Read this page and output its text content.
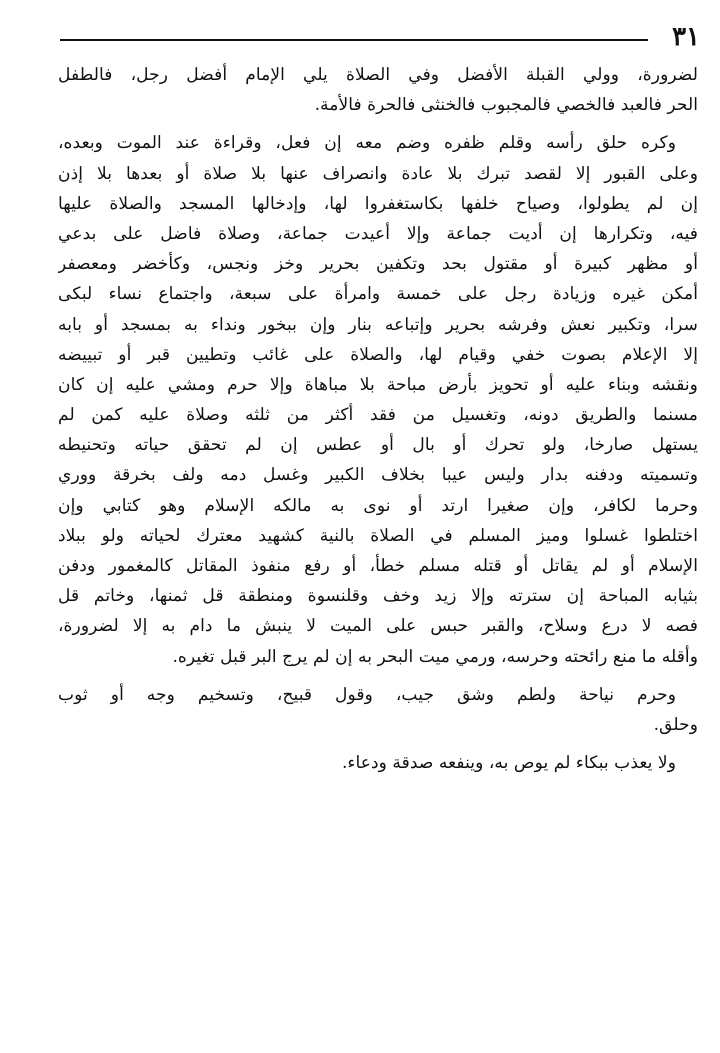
٣١
لضرورة، وولي القبلة الأفضل وفي الصلاة يلي الإمام أفضل رجل، فالطفل
الحر فالعبد فالخصي فالمجبوب فالخنثى فالحرة فالأمة.
وكره حلق رأسه وقلم ظفره وضم معه إن فعل، وقراءة عند الموت وبعده،
وعلى القبور إلا لقصد تبرك بلا عادة وانصراف عنها بلا صلاة أو بعدها بلا إذن
إن لم يطولوا، وصياح خلفها بكاستغفروا لها، وإدخالها المسجد والصلاة عليها
فيه، وتكرارها إن أديت جماعة وإلا أعيدت جماعة، وصلاة فاضل على بدعي
أو مظهر كبيرة أو مقتول بحد وتكفين بحرير وخز ونجس، وكأخضر ومعصفر
أمكن غيره وزيادة رجل على خمسة وامرأة على سبعة، واجتماع نساء لبكى
سرا، وتكبير نعش وفرشه بحرير وإتباعه بنار وإن ببخور ونداء به بمسجد أو بابه
إلا الإعلام بصوت خفي وقيام لها، والصلاة على غائب وتطيين قبر أو تبييضه
ونقشه وبناء عليه أو تحويز بأرض مباحة بلا مباهاة وإلا حرم ومشي عليه إن كان
مسنما والطريق دونه، وتغسيل من فقد أكثر من ثلثه وصلاة عليه كمن لم
يستهل صارخا، ولو تحرك أو بال أو عطس إن لم تحقق حياته وتحنيطه
وتسميته ودفنه بدار وليس عيبا بخلاف الكبير وغسل دمه ولف بخرقة ووري
وحرما لكافر، وإن صغيرا ارتد أو نوى به مالكه الإسلام وهو كتابي وإن
اختلطوا غسلوا وميز المسلم في الصلاة بالنية كشهيد معترك لحياته ولو ببلاد
الإسلام أو لم يقاتل أو قتله مسلم خطأ، أو رفع منفوذ المقاتل كالمغمور ودفن
بثيابه المباحة إن سترته وإلا زيد وخف وقلنسوة ومنطقة قل ثمنها، وخاتم قل
فصه لا درع وسلاح، والقبر حبس على الميت لا ينبش ما دام به إلا لضرورة،
وأقله ما منع رائحته وحرسه، ورمي ميت البحر به إن لم يرج البر قبل تغيره.
وحرم نياحة ولطم وشق جيب، وقول قبيح، وتسخيم وجه أو ثوب
وحلق.
ولا يعذب ببكاء لم يوص به، وينفعه صدقة ودعاء.
